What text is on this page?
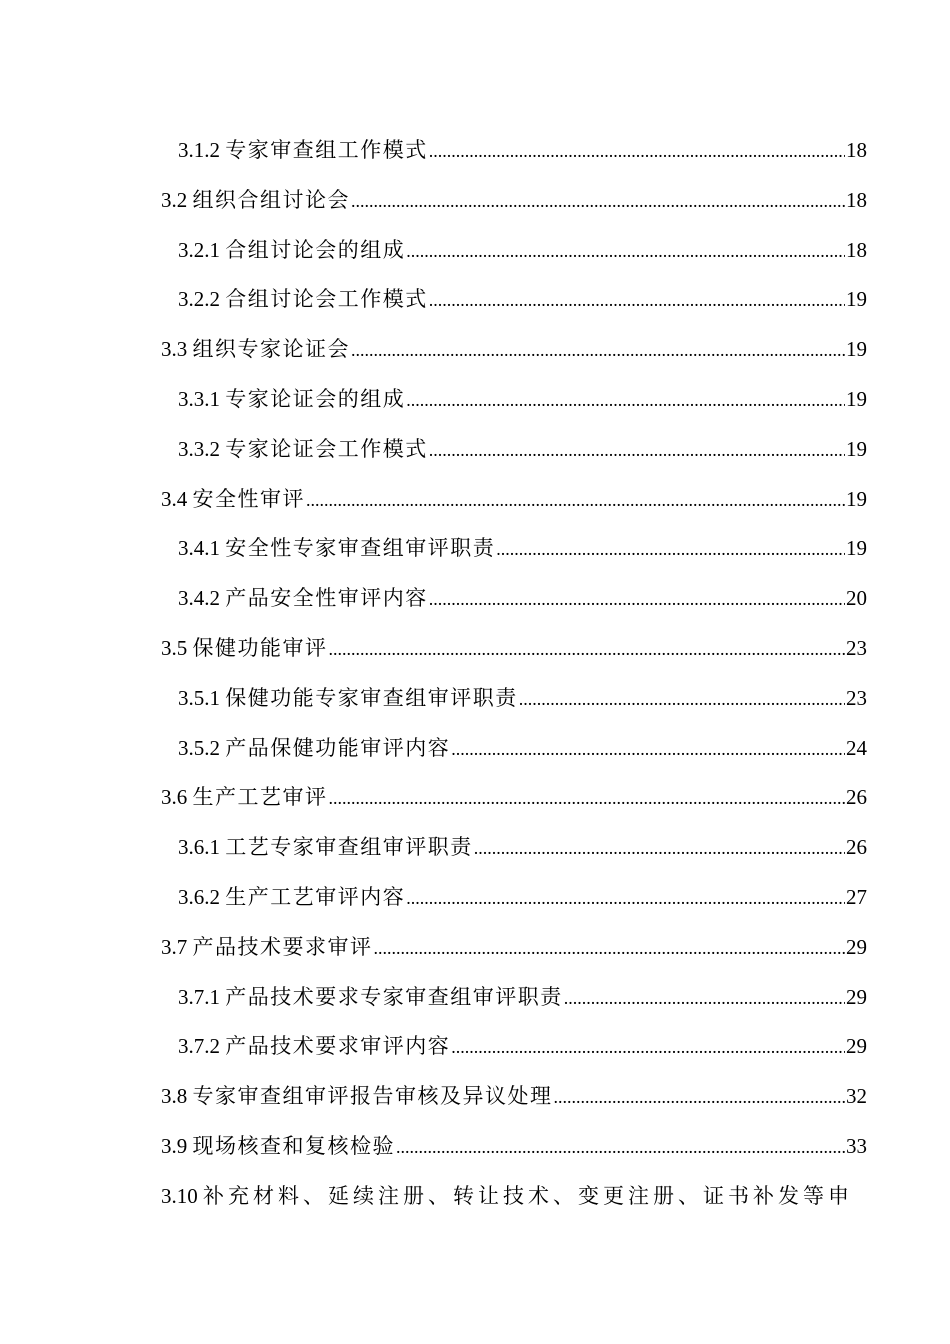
3.1.2 专家审查组工作模式 .....	18
3.2 组织合组讨论会 .....	18
3.2.1 合组讨论会的组成 .....	18
3.2.2 合组讨论会工作模式 .....	19
3.3 组织专家论证会 .....	19
3.3.1 专家论证会的组成 .....	19
3.3.2 专家论证会工作模式 .....	19
3.4 安全性审评 .....	19
3.4.1 安全性专家审查组审评职责 .....	19
3.4.2 产品安全性审评内容 .....	20
3.5 保健功能审评 .....	23
3.5.1 保健功能专家审查组审评职责 .....	23
3.5.2 产品保健功能审评内容 .....	24
3.6 生产工艺审评 .....	26
3.6.1 工艺专家审查组审评职责 .....	26
3.6.2 生产工艺审评内容 .....	27
3.7 产品技术要求审评 .....	29
3.7.1 产品技术要求专家审查组审评职责 .....	29
3.7.2 产品技术要求审评内容 .....	29
3.8 专家审查组审评报告审核及异议处理 .....	32
3.9 现场核查和复核检验 .....	33
3.10 补充材料、延续注册、转让技术、变更注册、证书补发等申
